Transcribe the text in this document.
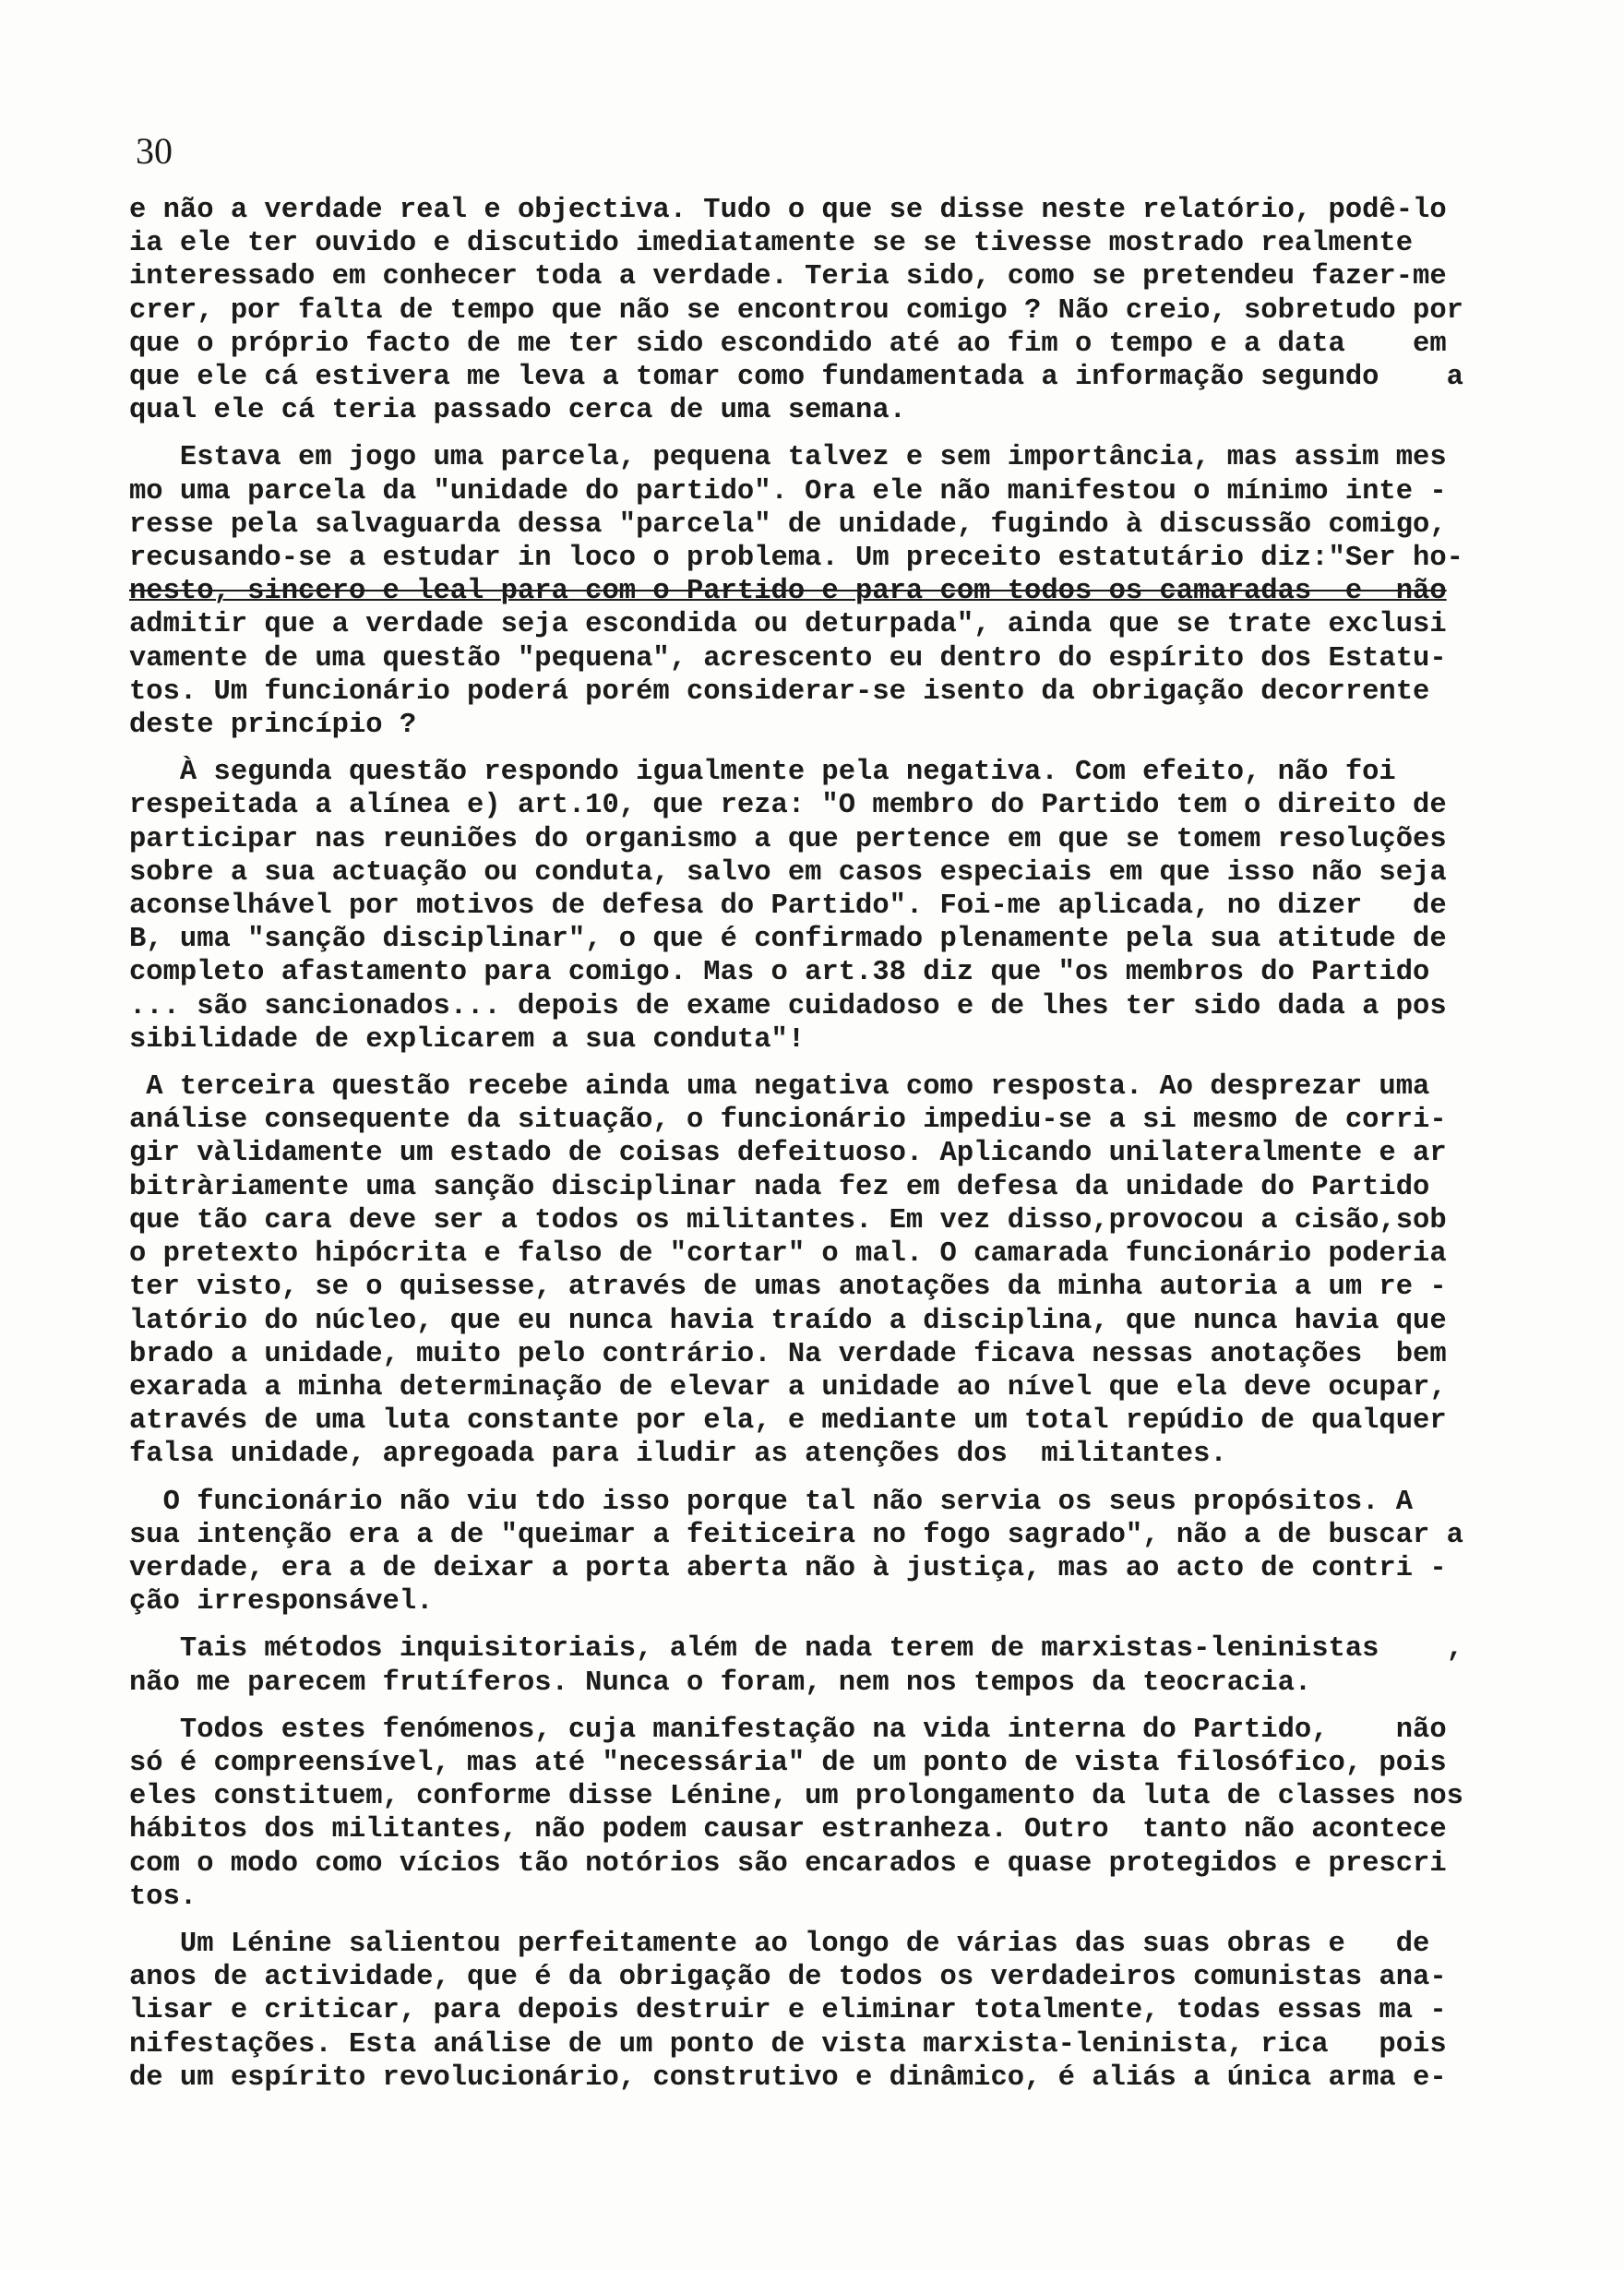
30
e não a verdade real e objectiva. Tudo o que se disse neste relatório, podê-lo
ia ele ter ouvido e discutido imediatamente se se tivesse mostrado realmente
interessado em conhecer toda a verdade. Teria sido, como se pretendeu fazer-me
crer, por falta de tempo que não se encontrou comigo ? Não creio, sobretudo por
que o próprio facto de me ter sido escondido até ao fim o tempo e a data    em
que ele cá estivera me leva a tomar como fundamentada a informação segundo    a
qual ele cá teria passado cerca de uma semana.
Estava em jogo uma parcela, pequena talvez e sem importância, mas assim mes
mo uma parcela da "unidade do partido". Ora ele não manifestou o mínimo inte -
resse pela salvaguarda dessa "parcela" de unidade, fugindo à discussão comigo,
recusando-se a estudar in loco o problema. Um preceito estatutário diz:"Ser ho-
nesto, sincero e leal para com o Partido e para com todos os camaradas  e  não
admitir que a verdade seja escondida ou deturpada", ainda que se trate exclusi
vamente de uma questão "pequena", acrescento eu dentro do espírito dos Estatu-
tos. Um funcionário poderá porém considerar-se isento da obrigação decorrente
deste princípio ?
À segunda questão respondo igualmente pela negativa. Com efeito, não foi
respeitada a alínea e) art.10, que reza: "O membro do Partido tem o direito de
participar nas reuniões do organismo a que pertence em que se tomem resoluções
sobre a sua actuação ou conduta, salvo em casos especiais em que isso não seja
aconselhável por motivos de defesa do Partido". Foi-me aplicada, no dizer   de
B, uma "sanção disciplinar", o que é confirmado plenamente pela sua atitude de
completo afastamento para comigo. Mas o art.38 diz que "os membros do Partido
... são sancionados... depois de exame cuidadoso e de lhes ter sido dada a pos
sibilidade de explicarem a sua conduta"!
A terceira questão recebe ainda uma negativa como resposta. Ao desprezar uma
análise consequente da situação, o funcionário impediu-se a si mesmo de corri-
gir vàlidamente um estado de coisas defeituoso. Aplicando unilateralmente e ar
bitràriamente uma sanção disciplinar nada fez em defesa da unidade do Partido
que tão cara deve ser a todos os militantes. Em vez disso,provocou a cisão,sob
o pretexto hipócrita e falso de "cortar" o mal. O camarada funcionário poderia
ter visto, se o quisesse, através de umas anotações da minha autoria a um re -
latório do núcleo, que eu nunca havia traído a disciplina, que nunca havia que
brado a unidade, muito pelo contrário. Na verdade ficava nessas anotações  bem
exarada a minha determinação de elevar a unidade ao nível que ela deve ocupar,
através de uma luta constante por ela, e mediante um total repúdio de qualquer
falsa unidade, apregoada para iludir as atenções dos  militantes.
O funcionário não viu tdo isso porque tal não servia os seus propósitos. A
sua intenção era a de "queimar a feiticeira no fogo sagrado", não a de buscar a
verdade, era a de deixar a porta aberta não à justiça, mas ao acto de contri -
ção irresponsável.
Tais métodos inquisitoriais, além de nada terem de marxistas-leninistas    ,
não me parecem frutíferos. Nunca o foram, nem nos tempos da teocracia.
Todos estes fenómenos, cuja manifestação na vida interna do Partido,    não
só é compreensível, mas até "necessária" de um ponto de vista filosófico, pois
eles constituem, conforme disse Lénine, um prolongamento da luta de classes nos
hábitos dos militantes, não podem causar estranheza. Outro  tanto não acontece
com o modo como vícios tão notórios são encarados e quase protegidos e prescri
tos.
Um Lénine salientou perfeitamente ao longo de várias das suas obras e   de
anos de actividade, que é da obrigação de todos os verdadeiros comunistas ana-
lisar e criticar, para depois destruir e eliminar totalmente, todas essas ma -
nifestações. Esta análise de um ponto de vista marxista-leninista, rica   pois
de um espírito revolucionário, construtivo e dinâmico, é aliás a única arma e-
